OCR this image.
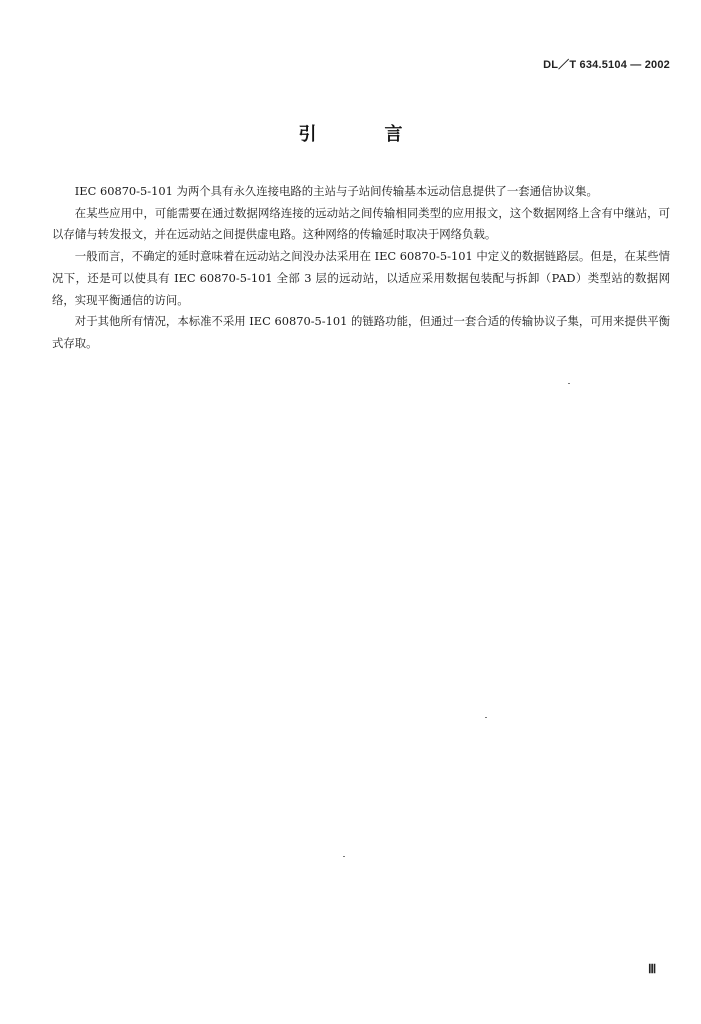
DL／T 634.5104 — 2002
引	言

IEC 60870-5-101 为两个具有永久连接电路的主站与子站间传输基本远动信息提供了一套通信协议集。

在某些应用中，可能需要在通过数据网络连接的远动站之间传输相同类型的应用报文，这个数据网络上含有中继站，可以存储与转发报文，并在远动站之间提供虚电路。这种网络的传输延时取决于网络负载。

一般而言，不确定的延时意味着在远动站之间没办法采用在 IEC 60870-5-101 中定义的数据链路层。但是，在某些情况下，还是可以使具有 IEC 60870-5-101 全部 3 层的远动站，以适应采用数据包装配与拆卸（PAD）类型站的数据网络，实现平衡通信的访问。

对于其他所有情况，本标准不采用 IEC 60870-5-101 的链路功能，但通过一套合适的传输协议子集，可用来提供平衡式存取。

Ⅲ
